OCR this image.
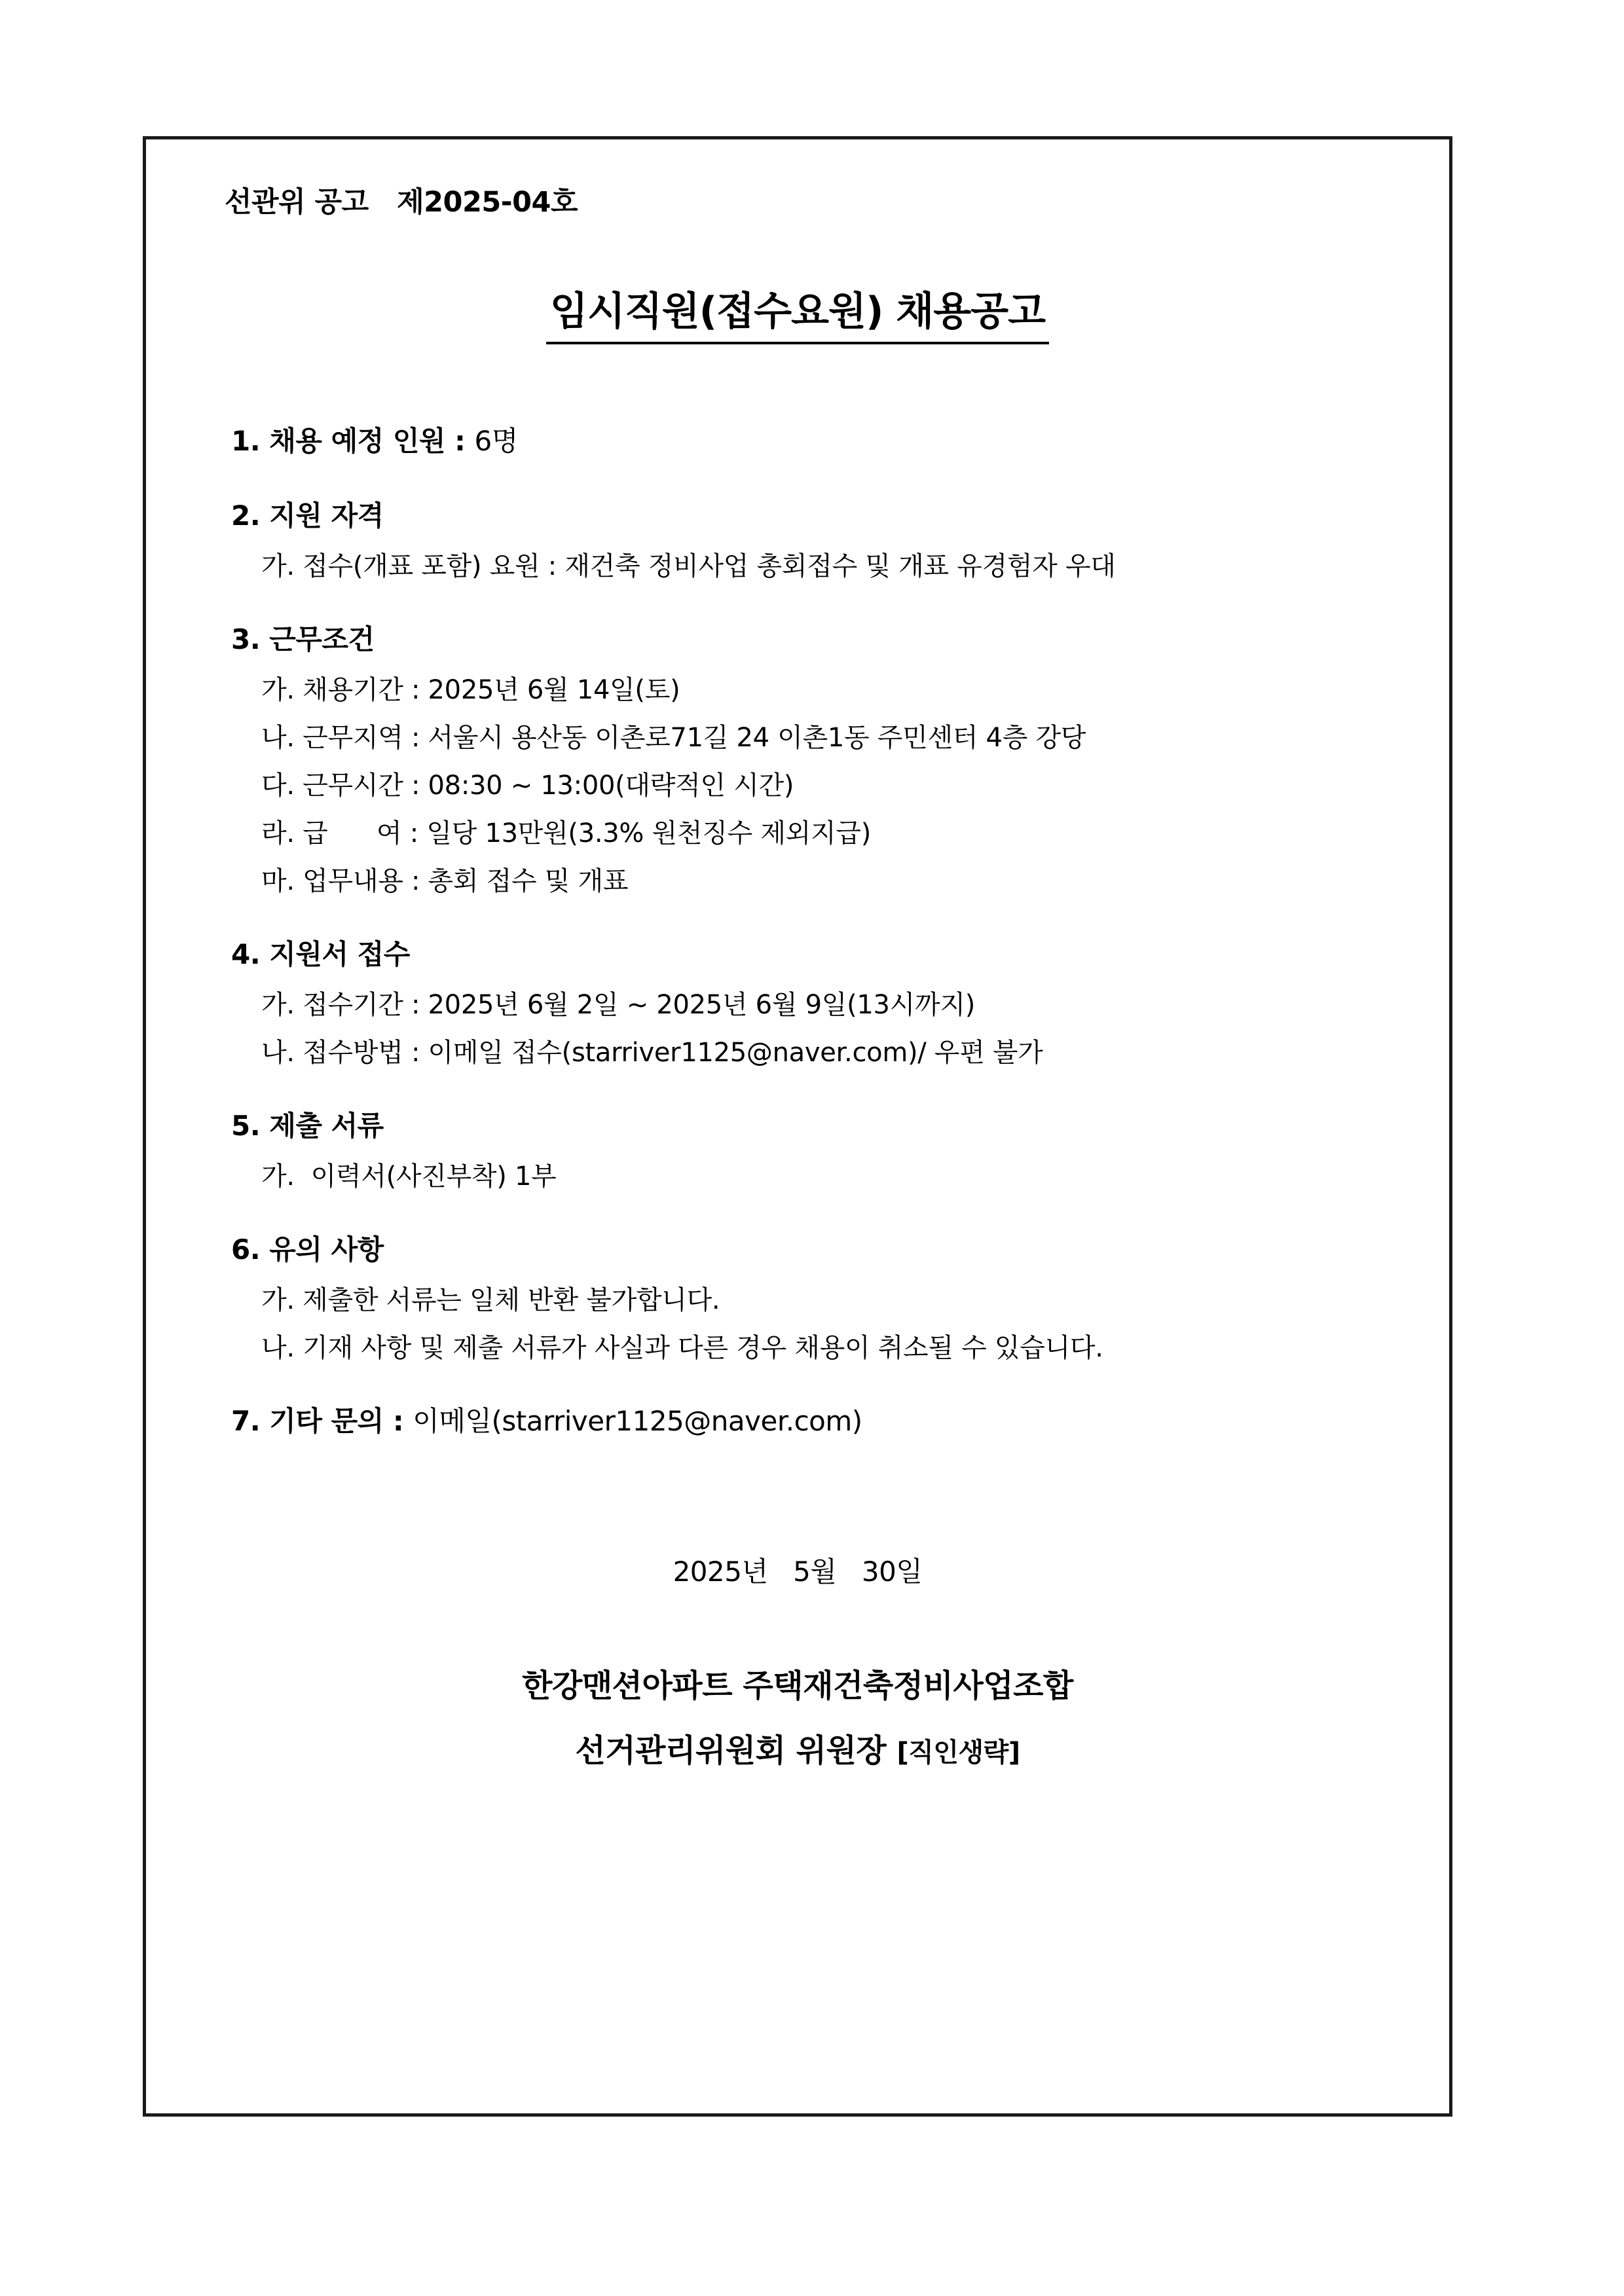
선관위 공고   제2025-04호
임시직원(접수요원) 채용공고
1. 채용 예정 인원 : 6명
2. 지원 자격
가. 접수(개표 포함) 요원 : 재건축 정비사업 총회접수 및 개표 유경험자 우대
3. 근무조건
가. 채용기간 : 2025년 6월 14일(토)
나. 근무지역 : 서울시 용산동 이촌로71길 24 이촌1동 주민센터 4층 강당
다. 근무시간 : 08:30 ~ 13:00(대략적인 시간)
라. 급      여 : 일당 13만원(3.3% 원천징수 제외지급)
마. 업무내용 : 총회 접수 및 개표
4. 지원서 접수
가. 접수기간 : 2025년 6월 2일 ~ 2025년 6월 9일(13시까지)
나. 접수방법 : 이메일 접수(starriver1125@naver.com)/ 우편 불가
5. 제출 서류
가.  이력서(사진부착) 1부
6. 유의 사항
가. 제출한 서류는 일체 반환 불가합니다.
나. 기재 사항 및 제출 서류가 사실과 다른 경우 채용이 취소될 수 있습니다.
7. 기타 문의 : 이메일(starriver1125@naver.com)
2025년   5월   30일
한강맨션아파트 주택재건축정비사업조합
선거관리위원회 위원장 [직인생략]
